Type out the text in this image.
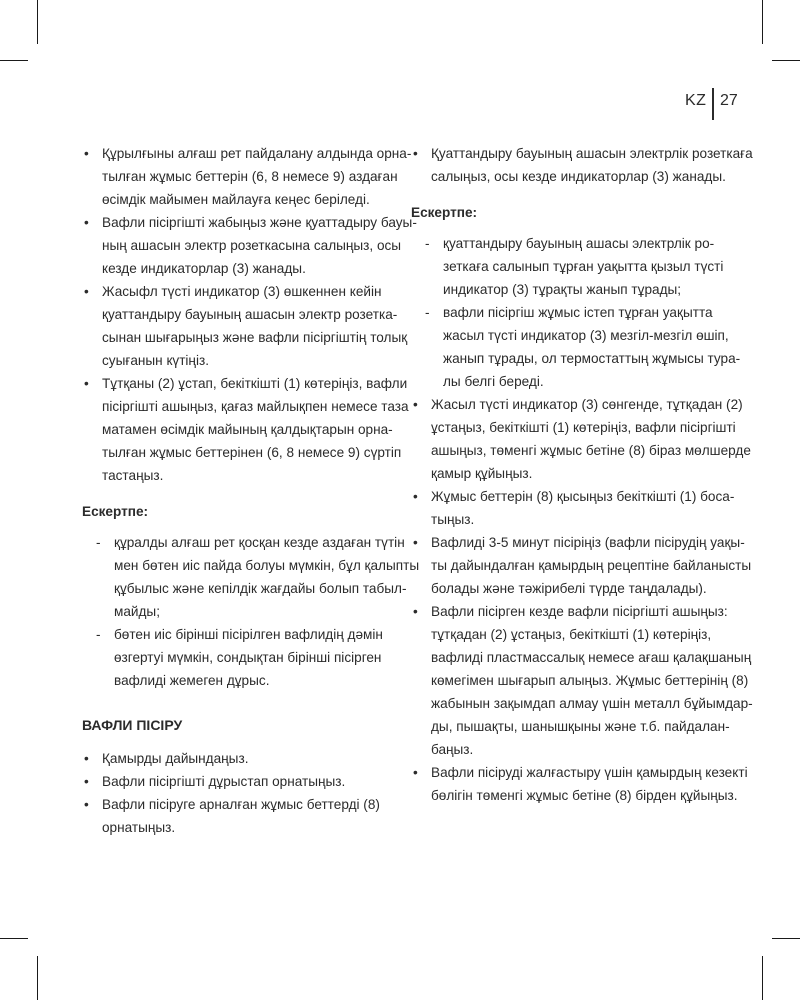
KZ 27
• Құрылғыны алғаш рет пайдалану алдында орна-
тылған жұмыс беттерін (6, 8 немесе 9) аздаған
өсімдік майымен майлауға кеңес беріледі.
• Вафли пісіргішті жабыңыз және қуаттадыру бауы-
ның ашасын электр розеткасына салыңыз, осы
кезде индикаторлар (3) жанады.
• Жасыфл түсті индикатор (3) өшкеннен кейін
қуаттандыру бауының ашасын электр розетка-
сынан шығарыңыз және вафли пісіргіштің толық
суығанын күтіңіз.
• Тұтқаны (2) ұстап, бекіткішті (1) көтеріңіз, вафли
пісіргішті ашыңыз, қағаз майлықпен немесе таза
матамен өсімдік майының қалдықтарын орна-
тылған жұмыс беттерінен (6, 8 немесе 9) сүртіп
тастаңыз.
Ескертпе:
- құралды алғаш рет қосқан кезде аздаған түтін
мен бөтен иіс пайда болуы мүмкін, бұл қалыпты
құбылыс және кепілдік жағдайы болып табыл-
майды;
- бөтен иіс бірінші пісірілген вафлидің дәмін
өзгертуі мүмкін, сондықтан бірінші пісірген
вафлиді жемеген дұрыс.
ВАФЛИ ПІСІРУ
• Қамырды дайындаңыз.
• Вафли пісіргішті дұрыстап орнатыңыз.
• Вафли пісіруге арналған жұмыс беттерді (8)
орнатыңыз.
• Қуаттандыру бауының ашасын электрлік розеткаға
салыңыз, осы кезде индикаторлар (3) жанады.
Ескертпе:
- қуаттандыру бауының ашасы электрлік ро-
зеткаға салынып тұрған уақытта қызыл түсті
индикатор (3) тұрақты жанып тұрады;
- вафли пісіргіш жұмыс істеп тұрған уақытта
жасыл түсті индикатор (3) мезгіл-мезгіл өшіп,
жанып тұрады, ол термостаттың жұмысы тура-
лы белгі береді.
• Жасыл түсті индикатор (3) сөнгенде, тұтқадан (2)
ұстаңыз, бекіткішті (1) көтеріңіз, вафли пісіргішті
ашыңыз, төменгі жұмыс бетіне (8) біраз мөлшерде
қамыр құйыңыз.
• Жұмыс беттерін (8) қысыңыз бекіткішті (1) боса-
тыңыз.
• Вафлиді 3-5 минут пісіріңіз (вафли пісірудің уақы-
ты дайындалған қамырдың рецептіне байланысты
болады және тәжірибелі түрде таңдалады).
• Вафли пісірген кезде вафли пісіргішті ашыңыз:
тұтқадан (2) ұстаңыз, бекіткішті (1) көтеріңіз,
вафлиді пластмассалық немесе ағаш қалақшаның
көмегімен шығарып алыңыз. Жұмыс беттерінің (8)
жабынын зақымдап алмау үшін металл бұйымдар-
ды, пышақты, шанышқыны және т.б. пайдалан-
баңыз.
• Вафли пісіруді жалғастыру үшін қамырдың кезекті
бөлігін төменгі жұмыс бетіне (8) бірден құйыңыз.
